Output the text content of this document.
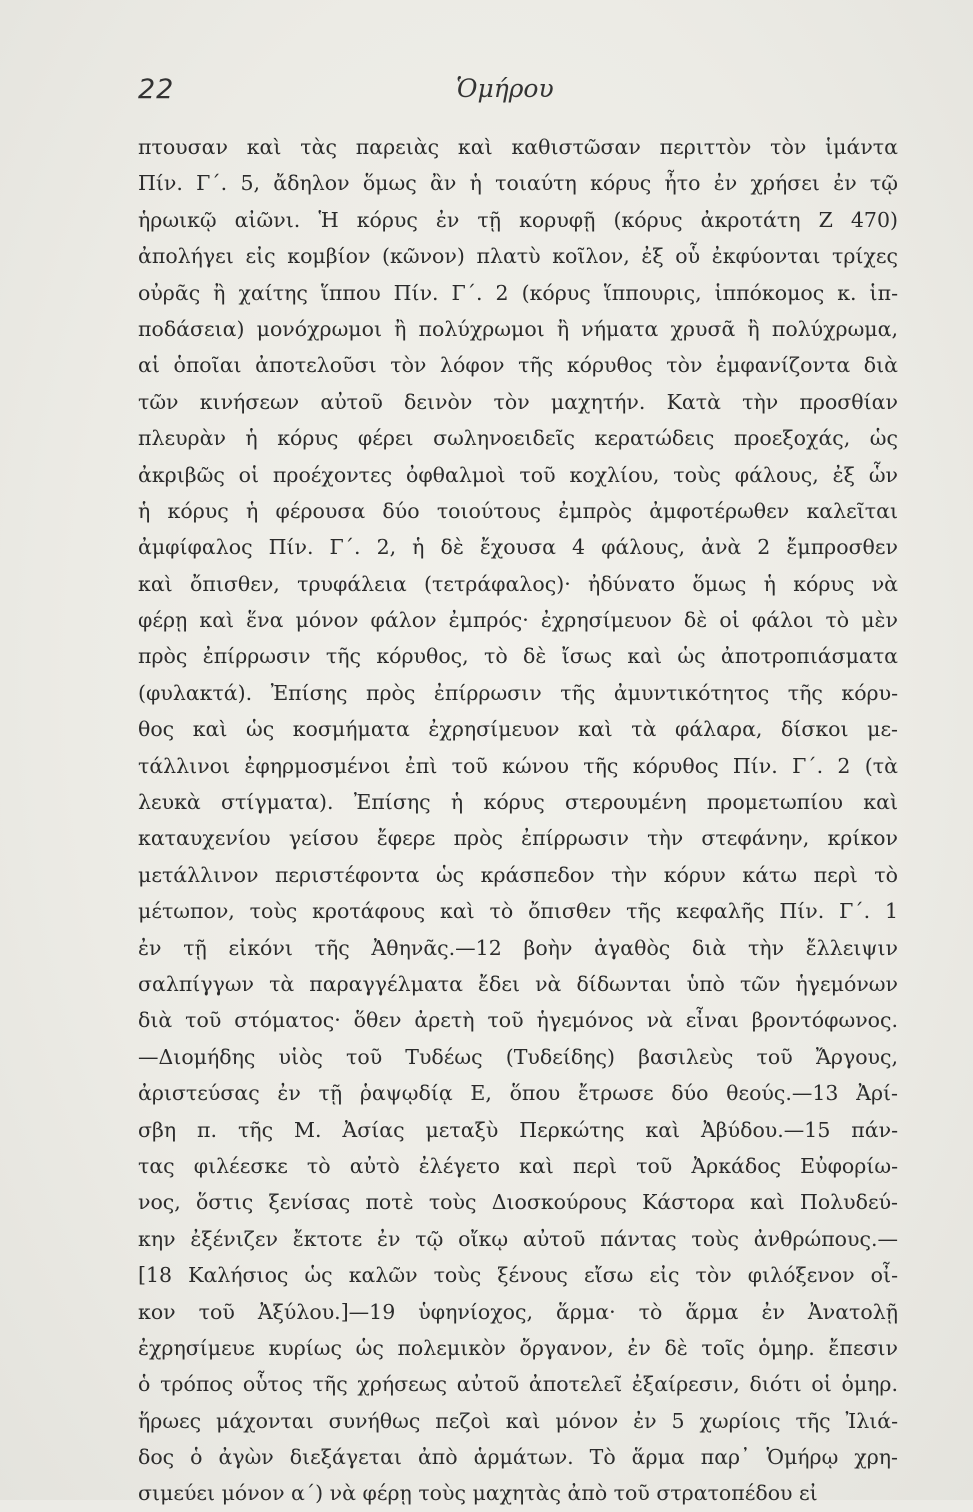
22	Ὁμήρου
πτουσαν καὶ τὰς παρειὰς καὶ καθιστῶσαν περιττὸν τὸν ἱμάντα
Πίν. Γ΄. 5, ἄδηλον ὅμως ἂν ἡ τοιαύτη κόρυς ἦτο ἐν χρήσει ἐν τῷ
ἡρωικῷ αἰῶνι. Ἡ κόρυς ἐν τῇ κορυφῇ (κόρυς ἀκροτάτη Ζ 470)
ἀπολήγει εἰς κομβίον (κῶνον) πλατὺ κοῖλον, ἐξ οὗ ἐκφύονται τρίχες
οὐρᾶς ἢ χαίτης ἵππου Πίν. Γ΄. 2 (κόρυς ἵππουρις, ἱππόκομος κ. ἱπ-
ποδάσεια) μονόχρωμοι ἢ πολύχρωμοι ἢ νήματα χρυσᾶ ἢ πολύχρωμα,
αἱ ὁποῖαι ἀποτελοῦσι τὸν λόφον τῆς κόρυθος τὸν ἐμφανίζοντα διὰ
τῶν κινήσεων αὐτοῦ δεινὸν τὸν μαχητήν. Κατὰ τὴν προσθίαν
πλευρὰν ἡ κόρυς φέρει σωληνοειδεῖς κερατώδεις προεξοχάς, ὡς
ἀκριβῶς οἱ προέχοντες ὀφθαλμοὶ τοῦ κοχλίου, τοὺς φάλους, ἐξ ὧν
ἡ κόρυς ἡ φέρουσα δύο τοιούτους ἐμπρὸς ἀμφοτέρωθεν καλεῖται
ἀμφίφαλος Πίν. Γ΄. 2, ἡ δὲ ἔχουσα 4 φάλους, ἀνὰ 2 ἔμπροσθεν
καὶ ὄπισθεν, τρυφάλεια (τετράφαλος)· ἠδύνατο ὅμως ἡ κόρυς νὰ
φέρῃ καὶ ἕνα μόνον φάλον ἐμπρός· ἐχρησίμευον δὲ οἱ φάλοι τὸ μὲν
πρὸς ἐπίρρωσιν τῆς κόρυθος, τὸ δὲ ἴσως καὶ ὡς ἀποτροπιάσματα
(φυλακτά). Ἐπίσης πρὸς ἐπίρρωσιν τῆς ἀμυντικότητος τῆς κόρυ-
θος καὶ ὡς κοσμήματα ἐχρησίμευον καὶ τὰ φάλαρα, δίσκοι με-
τάλλινοι ἐφηρμοσμένοι ἐπὶ τοῦ κώνου τῆς κόρυθος Πίν. Γ΄. 2 (τὰ
λευκὰ στίγματα). Ἐπίσης ἡ κόρυς στερουμένη προμετωπίου καὶ
καταυχενίου γείσου ἔφερε πρὸς ἐπίρρωσιν τὴν στεφάνην, κρίκον
μετάλλινον περιστέφοντα ὡς κράσπεδον τὴν κόρυν κάτω περὶ τὸ
μέτωπον, τοὺς κροτάφους καὶ τὸ ὄπισθεν τῆς κεφαλῆς Πίν. Γ΄. 1
ἐν τῇ εἰκόνι τῆς Ἀθηνᾶς.—12 βοὴν ἀγαθὸς διὰ τὴν ἔλλειψιν
σαλπίγγων τὰ παραγγέλματα ἔδει νὰ δίδωνται ὑπὸ τῶν ἡγεμόνων
διὰ τοῦ στόματος· ὅθεν ἀρετὴ τοῦ ἡγεμόνος νὰ εἶναι βροντόφωνος.
—Διομήδης υἱὸς τοῦ Τυδέως (Τυδείδης) βασιλεὺς τοῦ Ἄργους,
ἀριστεύσας ἐν τῇ ῥαψῳδίᾳ Ε, ὅπου ἔτρωσε δύο θεούς.—13 Ἀρί-
σβη π. τῆς Μ. Ἀσίας μεταξὺ Περκώτης καὶ Ἀβύδου.—15 πάν-
τας φιλέεσκε τὸ αὐτὸ ἐλέγετο καὶ περὶ τοῦ Ἀρκάδος Εὐφορίω-
νος, ὅστις ξενίσας ποτὲ τοὺς Διοσκούρους Κάστορα καὶ Πολυδεύ-
κην ἐξένιζεν ἔκτοτε ἐν τῷ οἴκῳ αὐτοῦ πάντας τοὺς ἀνθρώπους.—
[18 Καλήσιος ὡς καλῶν τοὺς ξένους εἴσω εἰς τὸν φιλόξενον οἶ-
κον τοῦ Ἀξύλου.]—19 ὑφηνίοχος, ἅρμα· τὸ ἅρμα ἐν Ἀνατολῇ
ἐχρησίμευε κυρίως ὡς πολεμικὸν ὄργανον, ἐν δὲ τοῖς ὁμηρ. ἔπεσιν
ὁ τρόπος οὗτος τῆς χρήσεως αὐτοῦ ἀποτελεῖ ἐξαίρεσιν, διότι οἱ ὁμηρ.
ἥρωες μάχονται συνήθως πεζοὶ καὶ μόνον ἐν 5 χωρίοις τῆς Ἰλιά-
δος ὁ ἀγὼν διεξάγεται ἀπὸ ἁρμάτων. Τὸ ἅρμα παρ᾽ Ὁμήρῳ χρη-
σιμεύει μόνον α΄) νὰ φέρῃ τοὺς μαχητὰς ἀπὸ τοῦ στρατοπέδου εἰ
